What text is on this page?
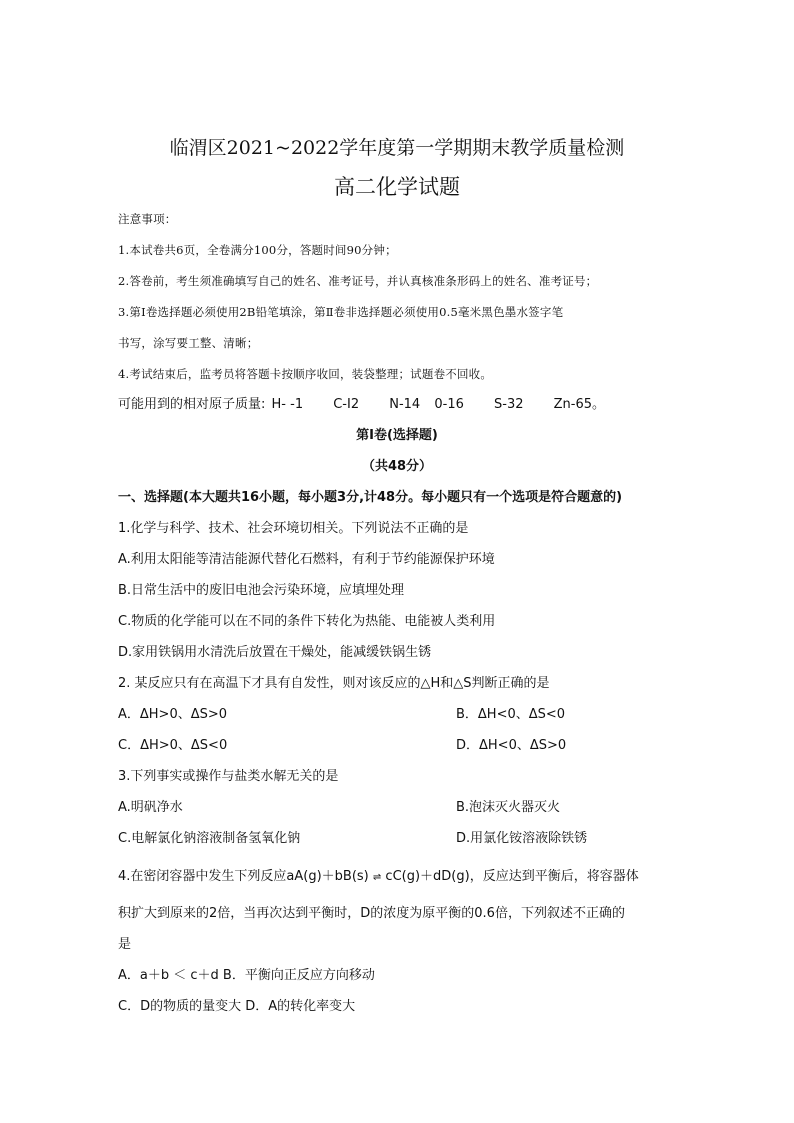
临渭区2021~2022学年度第一学期期末教学质量检测
高二化学试题
注意事项：
1.本试卷共6页，全卷满分100分，答题时间90分钟；
2.答卷前，考生须准确填写自己的姓名、准考证号，并认真核准条形码上的姓名、准考证号；
3.第Ⅰ卷选择题必须使用2B铅笔填涂，第Ⅱ卷非选择题必须使用0.5毫米黑色墨水签字笔
书写，涂写要工整、清晰；
4.考试结束后，监考员将答题卡按顺序收回，装袋整理；试题卷不回收。
可能用到的相对原子质量: H- -1 C-I2 N-14 0-16 S-32 Zn-65。
第Ⅰ卷(选择题)
（共48分）
一、选择题(本大题共16小题，每小题3分,计48分。每小题只有一个选项是符合题意的)
1.化学与科学、技术、社会环境切相关。下列说法不正确的是
A.利用太阳能等清洁能源代替化石燃料，有利于节约能源保护环境
B.日常生活中的废旧电池会污染环境，应填埋处理
C.物质的化学能可以在不同的条件下转化为热能、电能被人类利用
D.家用铁锅用水清洗后放置在干燥处，能减缓铁锅生锈
2. 某反应只有在高温下才具有自发性，则对该反应的△H和△S判断正确的是
A．ΔH>0、ΔS>0	B．ΔH<0、ΔS<0
C．ΔH>0、ΔS<0	D．ΔH<0、ΔS>0
3.下列事实或操作与盐类水解无关的是
A.明矾净水	B.泡沫灭火器灭火
C.电解氯化钠溶液制备氢氧化钠	D.用氯化铵溶液除铁锈
4.在密闭容器中发生下列反应aA(g)＋bB(s) ⇌ cC(g)＋dD(g)，反应达到平衡后，将容器体
积扩大到原来的2倍，当再次达到平衡时，D的浓度为原平衡的0.6倍，下列叙述不正确的
是
A．a＋b ＜ c＋d B．平衡向正反应方向移动
C．D的物质的量变大 D．A的转化率变大
